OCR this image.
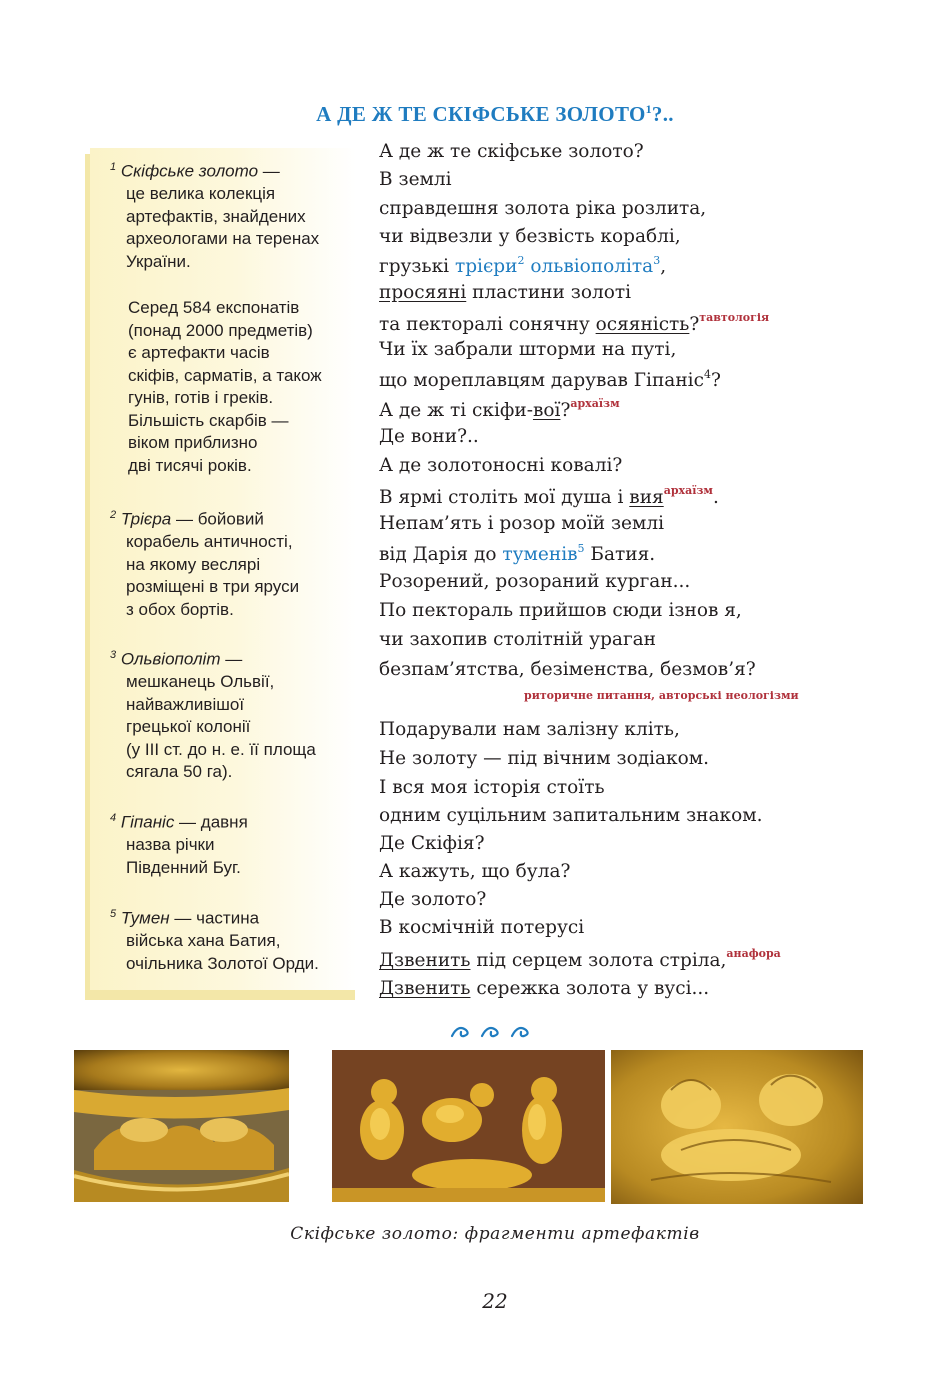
А ДЕ Ж ТЕ СКІФСЬКЕ ЗОЛОТО$^1$?..
$^1$ Скіфське золото —
це велика колекція
артефактів, знайдених
археологами на теренах
України.
Серед 584 експонатів
(понад 2000 предметів)
є артефакти часів
скіфів, сарматів, а також
гунів, готів і греків.
Більшість скарбів —
віком приблизно
дві тисячі років.
$^2$ Трієра — бойовий
корабель античності,
на якому веслярі
розміщені в три яруси
з обох бортів.
$^3$ Ольвіополіт —
мешканець Ольвії,
найважливішої
грецької колонії
(у ІІІ ст. до н. е. її площа
сягала 50 га).
$^4$ Гіпаніс — давня
назва річки
Південний Буг.
$^5$ Тумен — частина
війська хана Батия,
очільника Золотої Орди.
А де ж те скіфське золото?
В землі
справдешня золота ріка розлита,
чи відвезли у безвість кораблі,
грузькі трієри$^2$ ольвіополіта$^3$,
просяяні пластини золоті
та пекторалі сонячну осяяність?$^{тавтологія}$
Чи їх забрали шторми на путі,
що мореплавцям дарував Гіпаніс$^4$?
А де ж ті скіфи-вої?$^{архаїзм}$
Де вони?..
А де золотоносні ковалі?
В ярмі століть мої душа і вия$^{архаїзм}$.
Непам’ять і розор моїй землі
від Дарія до туменів$^5$ Батия.
Розорений, розораний курган...
По пектораль прийшов сюди ізнов я,
чи захопив столітній ураган
безпам’ятства, безіменства, безмов’я?
риторичне питання, авторські неологізми
Подарували нам залізну кліть,
Не золоту — під вічним зодіаком.
І вся моя історія стоїть
одним суцільним запитальним знаком.
Де Скіфія?
А кажуть, що була?
Де золото?
В космічній потерусі
Дзвенить під серцем золота стріла,$^{анафора}$
Дзвенить сережка золота у вусі...
Скіфське золото: фрагменти артефактів
22
